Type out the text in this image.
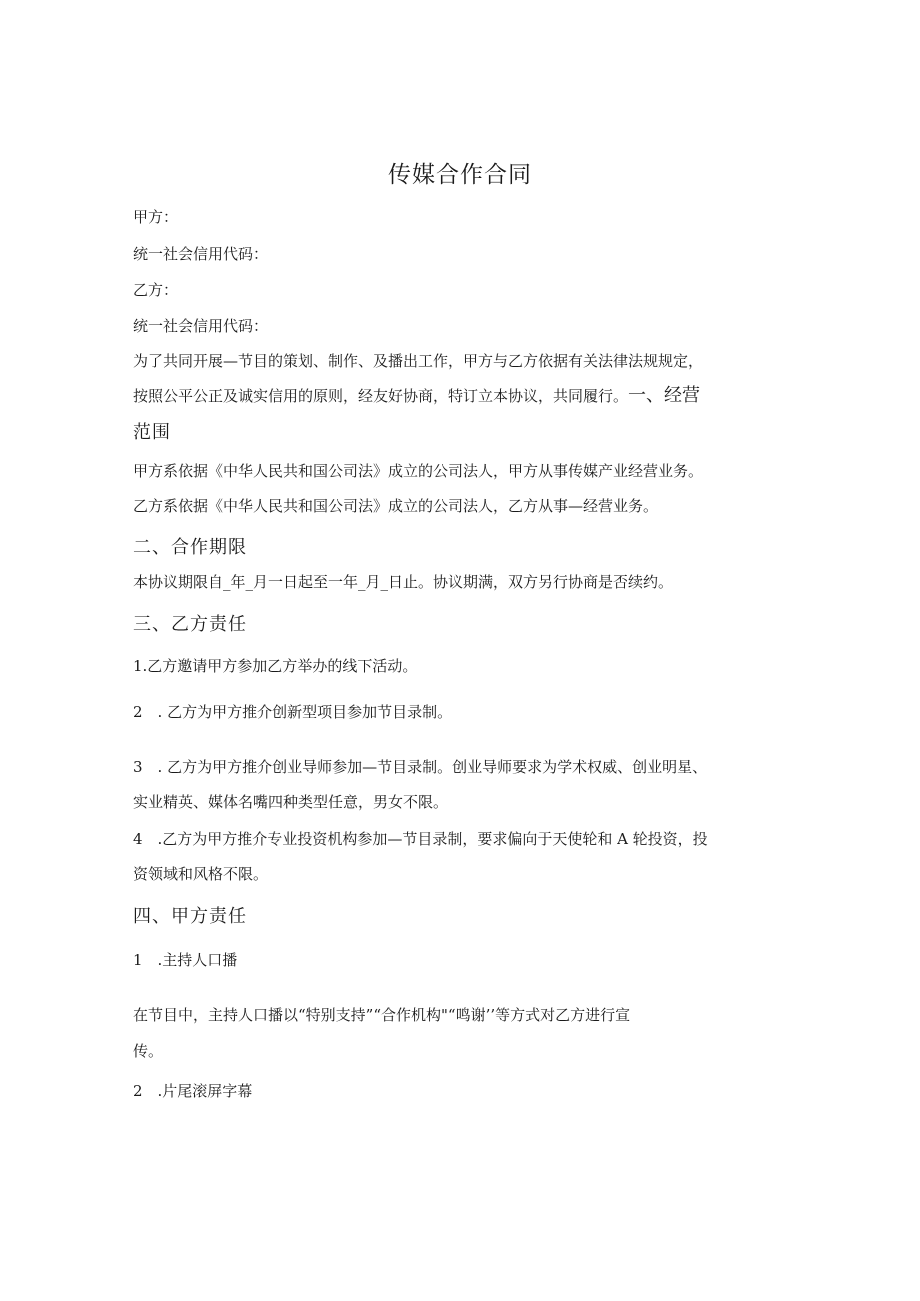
传媒合作合同
甲方：
统一社会信用代码：
乙方：
统一社会信用代码：
为了共同开展—节目的策划、制作、及播出工作，甲方与乙方依据有关法律法规规定，
按照公平公正及诚实信用的原则，经友好协商，特订立本协议，共同履行。一、经营
范围
甲方系依据《中华人民共和国公司法》成立的公司法人，甲方从事传媒产业经营业务。
乙方系依据《中华人民共和国公司法》成立的公司法人，乙方从事—经营业务。
二、合作期限
本协议期限自_年_月一日起至一年_月_日止。协议期满，双方另行协商是否续约。
三、乙方责任
1.乙方邀请甲方参加乙方举办的线下活动。
2　. 乙方为甲方推介创新型项目参加节目录制。
3　. 乙方为甲方推介创业导师参加—节目录制。创业导师要求为学术权威、创业明星、
实业精英、媒体名嘴四种类型任意，男女不限。
4　.乙方为甲方推介专业投资机构参加—节目录制，要求偏向于天使轮和 A 轮投资，投
资领域和风格不限。
四、甲方责任
1　.主持人口播
在节目中，主持人口播以“特别支持”“合作机构"“鸣谢’’等方式对乙方进行宣
传。
2　.片尾滚屏字幕
